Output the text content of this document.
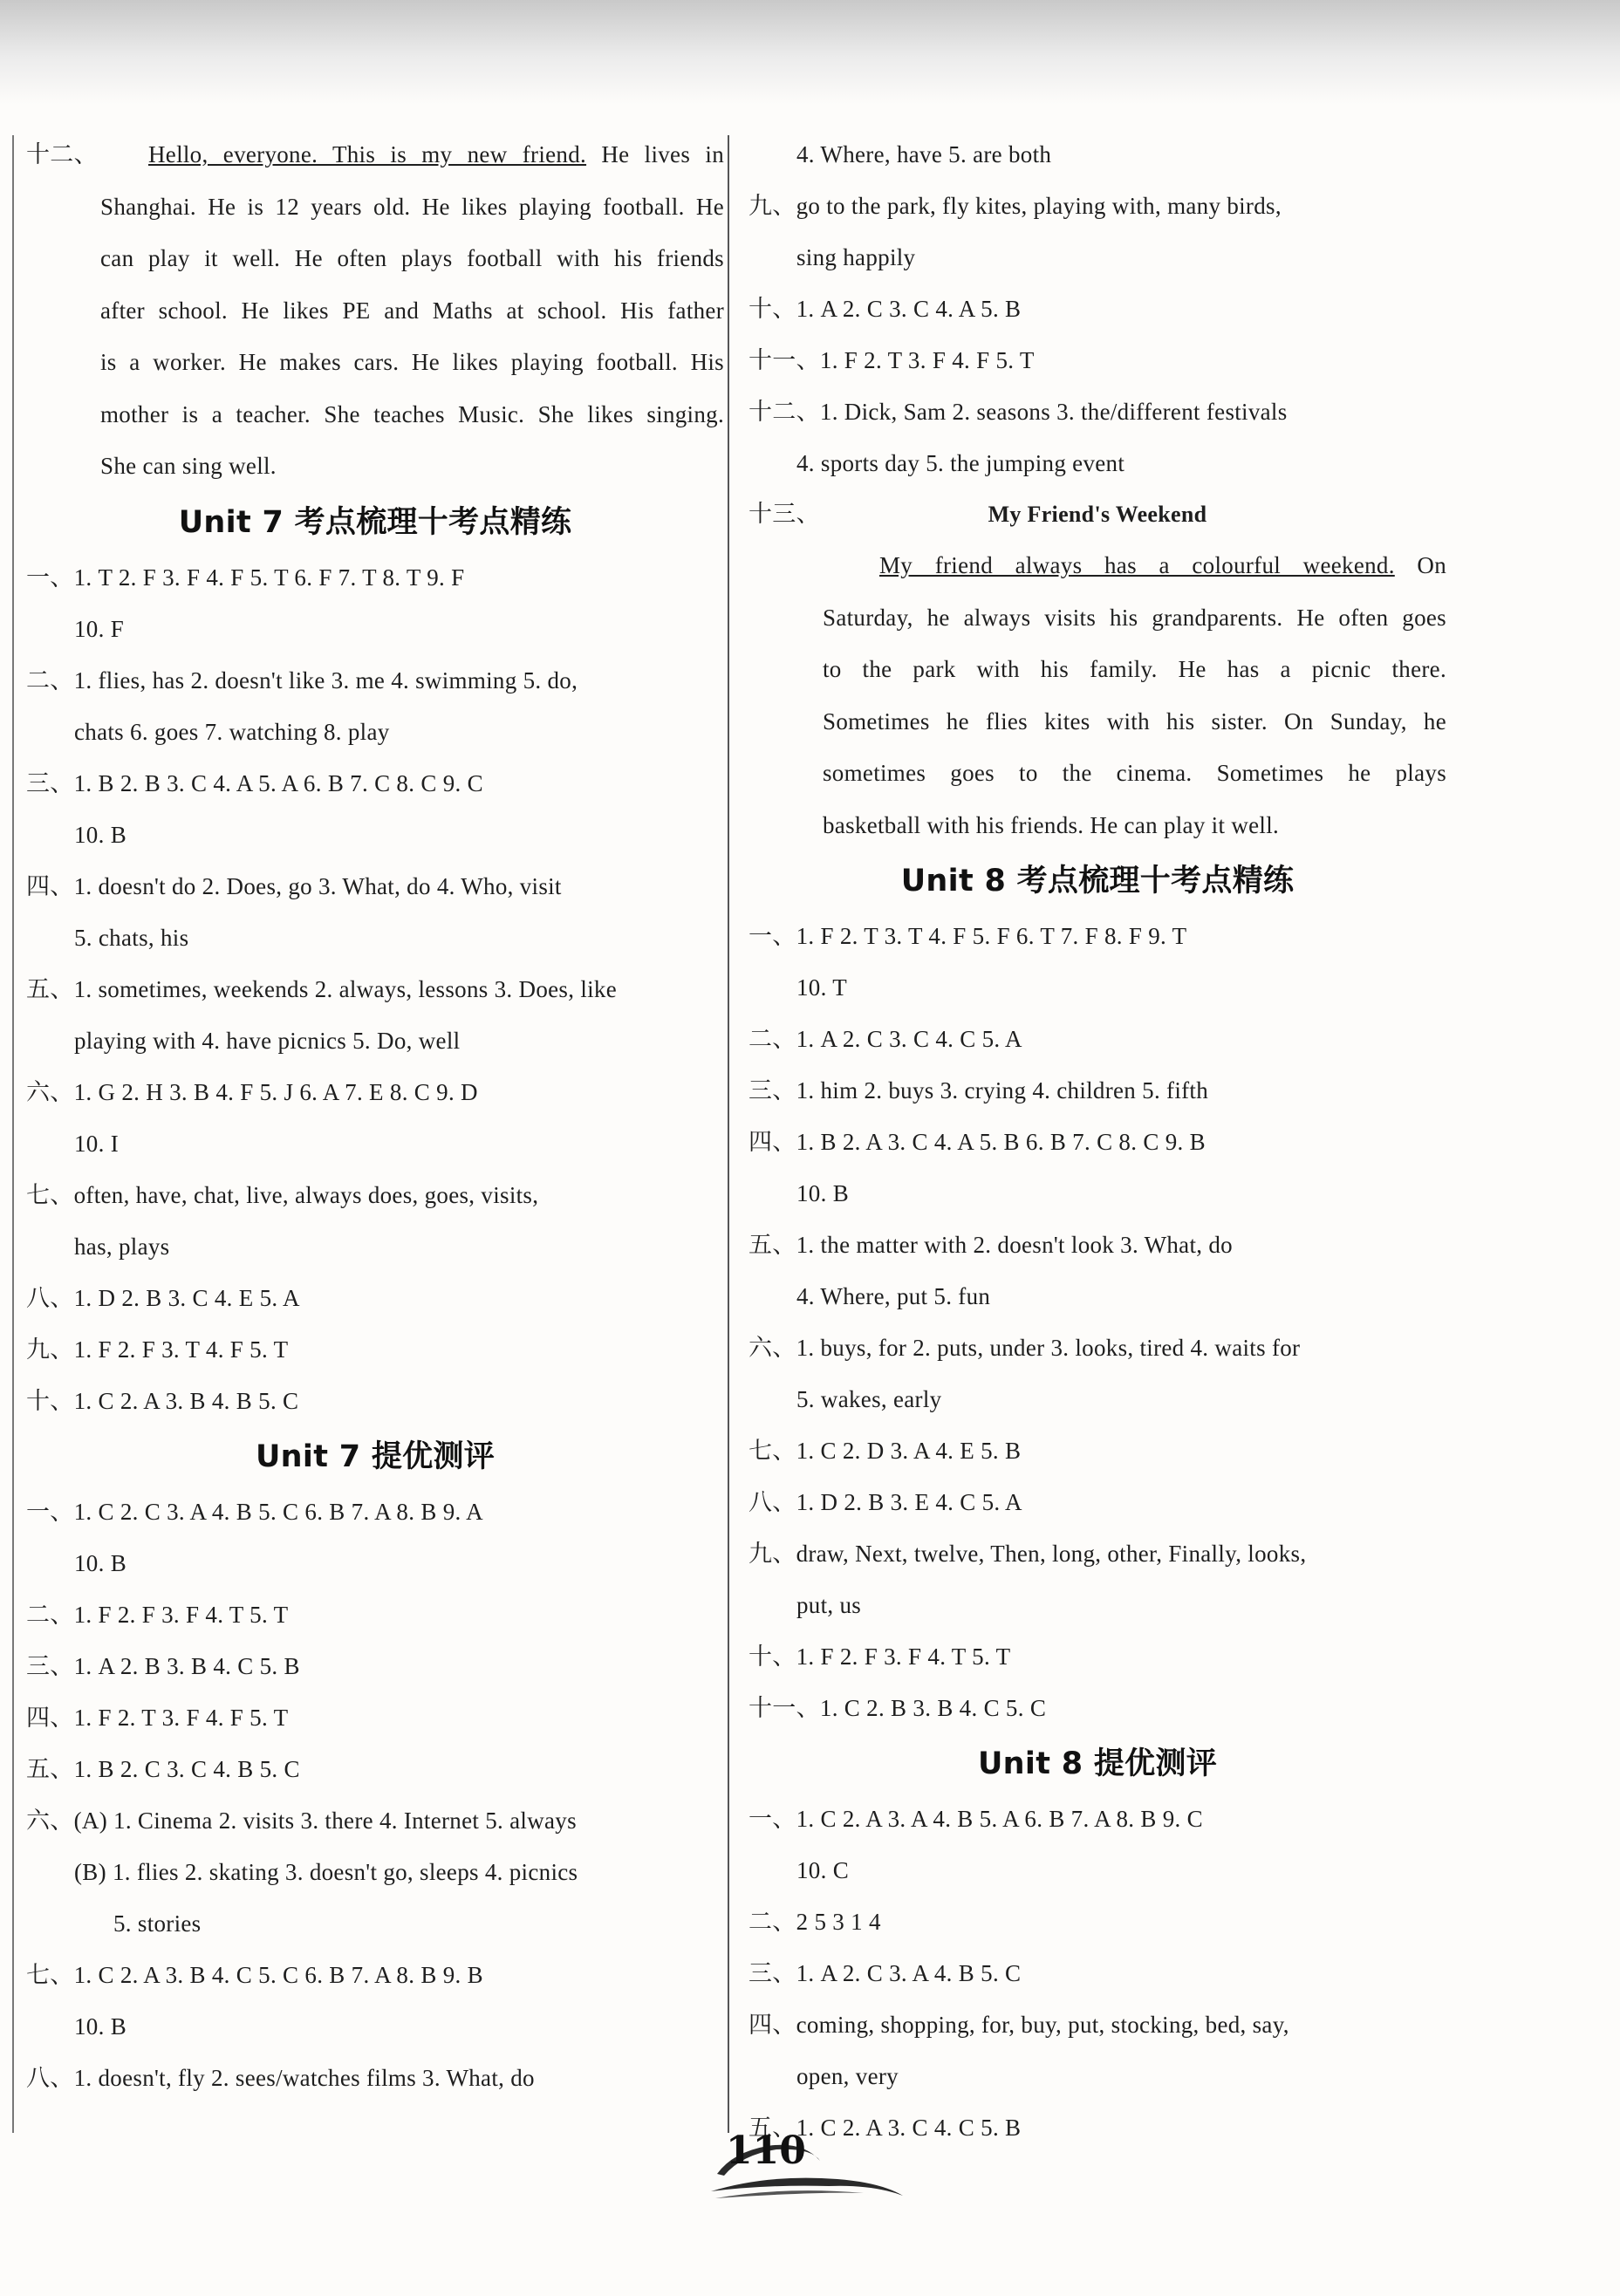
十二、	Hello, everyone. This is my new friend. He lives in
Shanghai. He is 12 years old. He likes playing football. He
can play it well. He often plays football with his friends
after school. He likes PE and Maths at school. His father
is a worker. He makes cars. He likes playing football. His
mother is a teacher. She teaches Music. She likes singing.
She can sing well.
Unit 7 考点梳理十考点精练
一、1. T 2. F 3. F 4. F 5. T 6. F 7. T 8. T 9. F
10. F
二、1. flies, has 2. doesn't like 3. me 4. swimming 5. do,
chats 6. goes 7. watching 8. play
三、1. B 2. B 3. C 4. A 5. A 6. B 7. C 8. C 9. C
10. B
四、1. doesn't do 2. Does, go 3. What, do 4. Who, visit
5. chats, his
五、1. sometimes, weekends 2. always, lessons 3. Does, like
playing with 4. have picnics 5. Do, well
六、1. G 2. H 3. B 4. F 5. J 6. A 7. E 8. C 9. D
10. I
七、often, have, chat, live, always does, goes, visits,
has, plays
八、1. D 2. B 3. C 4. E 5. A
九、1. F 2. F 3. T 4. F 5. T
十、1. C 2. A 3. B 4. B 5. C
Unit 7 提优测评
一、1. C 2. C 3. A 4. B 5. C 6. B 7. A 8. B 9. A
10. B
二、1. F 2. F 3. F 4. T 5. T
三、1. A 2. B 3. B 4. C 5. B
四、1. F 2. T 3. F 4. F 5. T
五、1. B 2. C 3. C 4. B 5. C
六、(A) 1. Cinema 2. visits 3. there 4. Internet 5. always
(B) 1. flies 2. skating 3. doesn't go, sleeps 4. picnics
5. stories
七、1. C 2. A 3. B 4. C 5. C 6. B 7. A 8. B 9. B
10. B
八、1. doesn't, fly 2. sees/watches films 3. What, do
4. Where, have 5. are both
九、go to the park, fly kites, playing with, many birds,
sing happily
十、1. A 2. C 3. C 4. A 5. B
十一、1. F 2. T 3. F 4. F 5. T
十二、1. Dick, Sam 2. seasons 3. the/different festivals
4. sports day 5. the jumping event
十三、	My Friend's Weekend
My friend always has a colourful weekend. On
Saturday, he always visits his grandparents. He often goes
to the park with his family. He has a picnic there.
Sometimes he flies kites with his sister. On Sunday, he
sometimes goes to the cinema. Sometimes he plays
basketball with his friends. He can play it well.
Unit 8 考点梳理十考点精练
一、1. F 2. T 3. T 4. F 5. F 6. T 7. F 8. F 9. T
10. T
二、1. A 2. C 3. C 4. C 5. A
三、1. him 2. buys 3. crying 4. children 5. fifth
四、1. B 2. A 3. C 4. A 5. B 6. B 7. C 8. C 9. B
10. B
五、1. the matter with 2. doesn't look 3. What, do
4. Where, put 5. fun
六、1. buys, for 2. puts, under 3. looks, tired 4. waits for
5. wakes, early
七、1. C 2. D 3. A 4. E 5. B
八、1. D 2. B 3. E 4. C 5. A
九、draw, Next, twelve, Then, long, other, Finally, looks,
put, us
十、1. F 2. F 3. F 4. T 5. T
十一、1. C 2. B 3. B 4. C 5. C
Unit 8 提优测评
一、1. C 2. A 3. A 4. B 5. A 6. B 7. A 8. B 9. C
10. C
二、2 5 3 1 4
三、1. A 2. C 3. A 4. B 5. C
四、coming, shopping, for, buy, put, stocking, bed, say,
open, very
五、1. C 2. A 3. C 4. C 5. B
110
